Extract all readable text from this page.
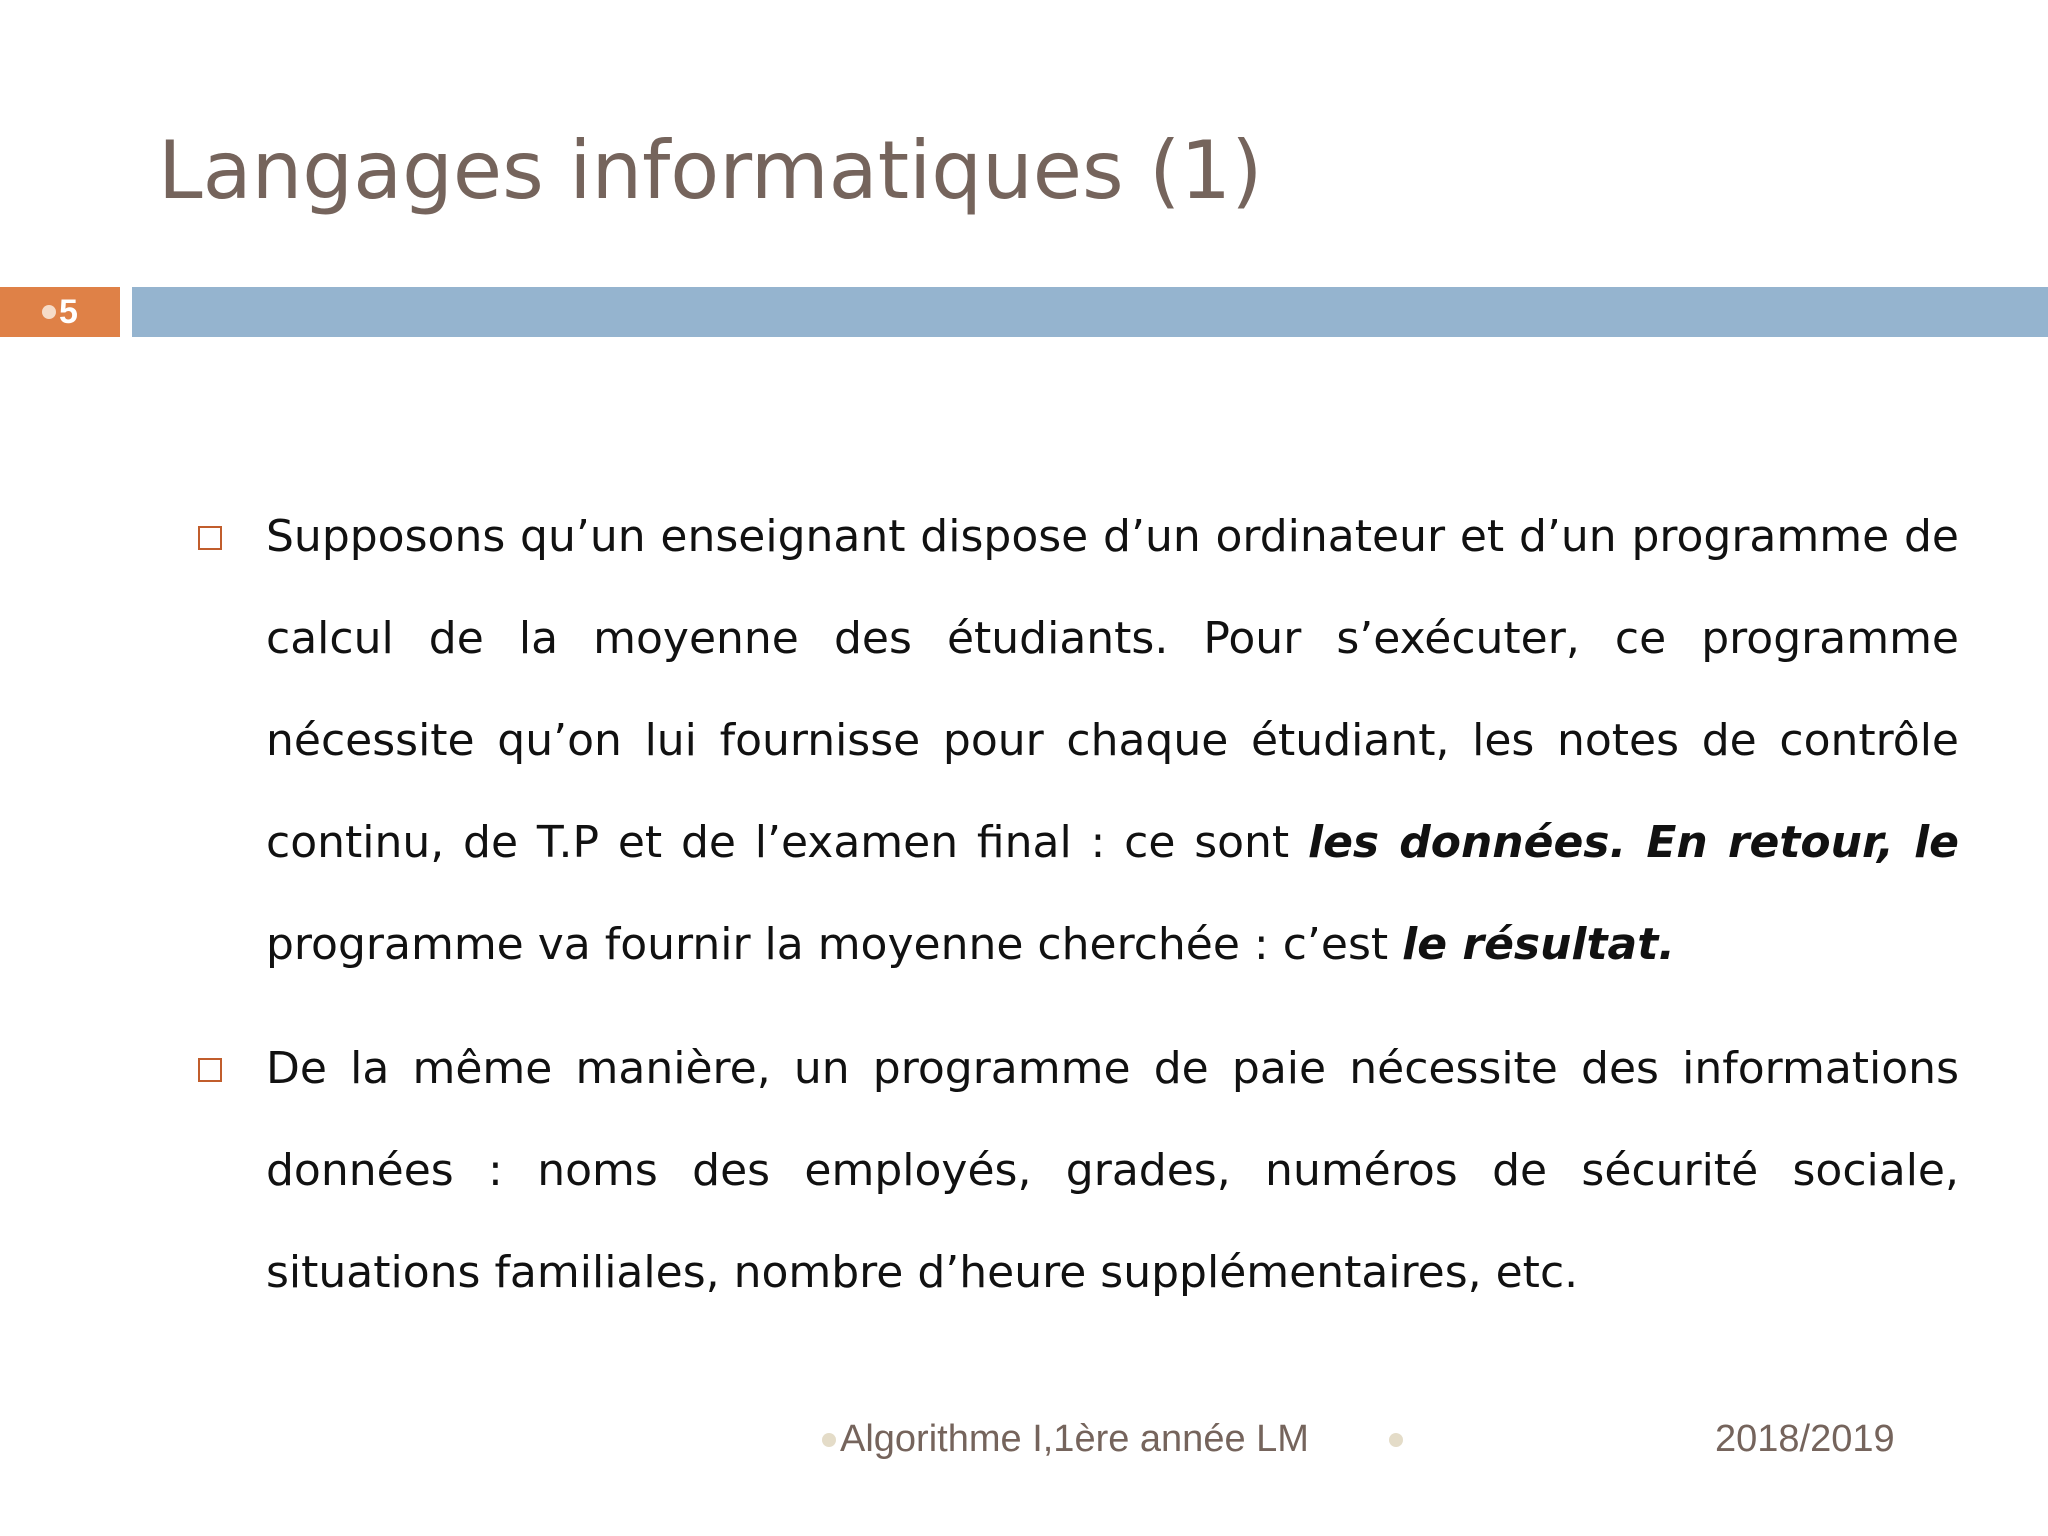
Langages informatiques (1)
5
Supposons qu’un enseignant dispose d’un ordinateur et d’un programme de calcul de la moyenne des étudiants. Pour s’exécuter, ce programme nécessite qu’on lui fournisse pour chaque étudiant, les notes de contrôle continu, de T.P et de l’examen final : ce sont les données. En retour, le programme va fournir la moyenne cherchée : c’est le résultat.
De la même manière, un programme de paie nécessite des informations données : noms des employés, grades, numéros de sécurité sociale, situations familiales, nombre d’heure supplémentaires, etc.
Algorithme I,1ère année LM	2018/2019
